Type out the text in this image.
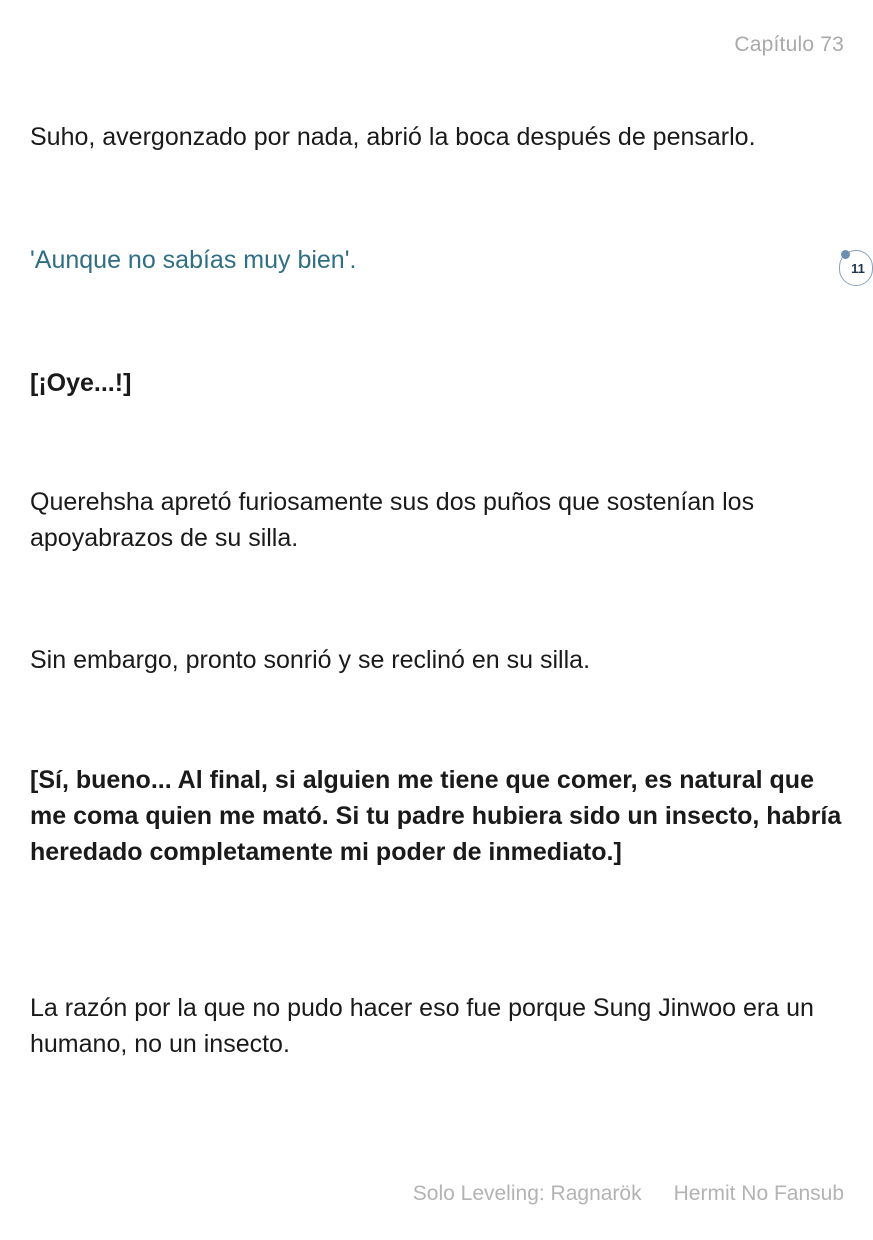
Capítulo 73

Suho, avergonzado por nada, abrió la boca después de pensarlo.

'Aunque no sabías muy bien'.	11

[¡Oye...!]

Querehsha apretó furiosamente sus dos puños que sostenían los apoyabrazos de su silla.

Sin embargo, pronto sonrió y se reclinó en su silla.

[Sí, bueno... Al final, si alguien me tiene que comer, es natural que me coma quien me mató. Si tu padre hubiera sido un insecto, habría heredado completamente mi poder de inmediato.]

La razón por la que no pudo hacer eso fue porque Sung Jinwoo era un humano, no un insecto.

Solo Leveling: Ragnarök Hermit No Fansub
